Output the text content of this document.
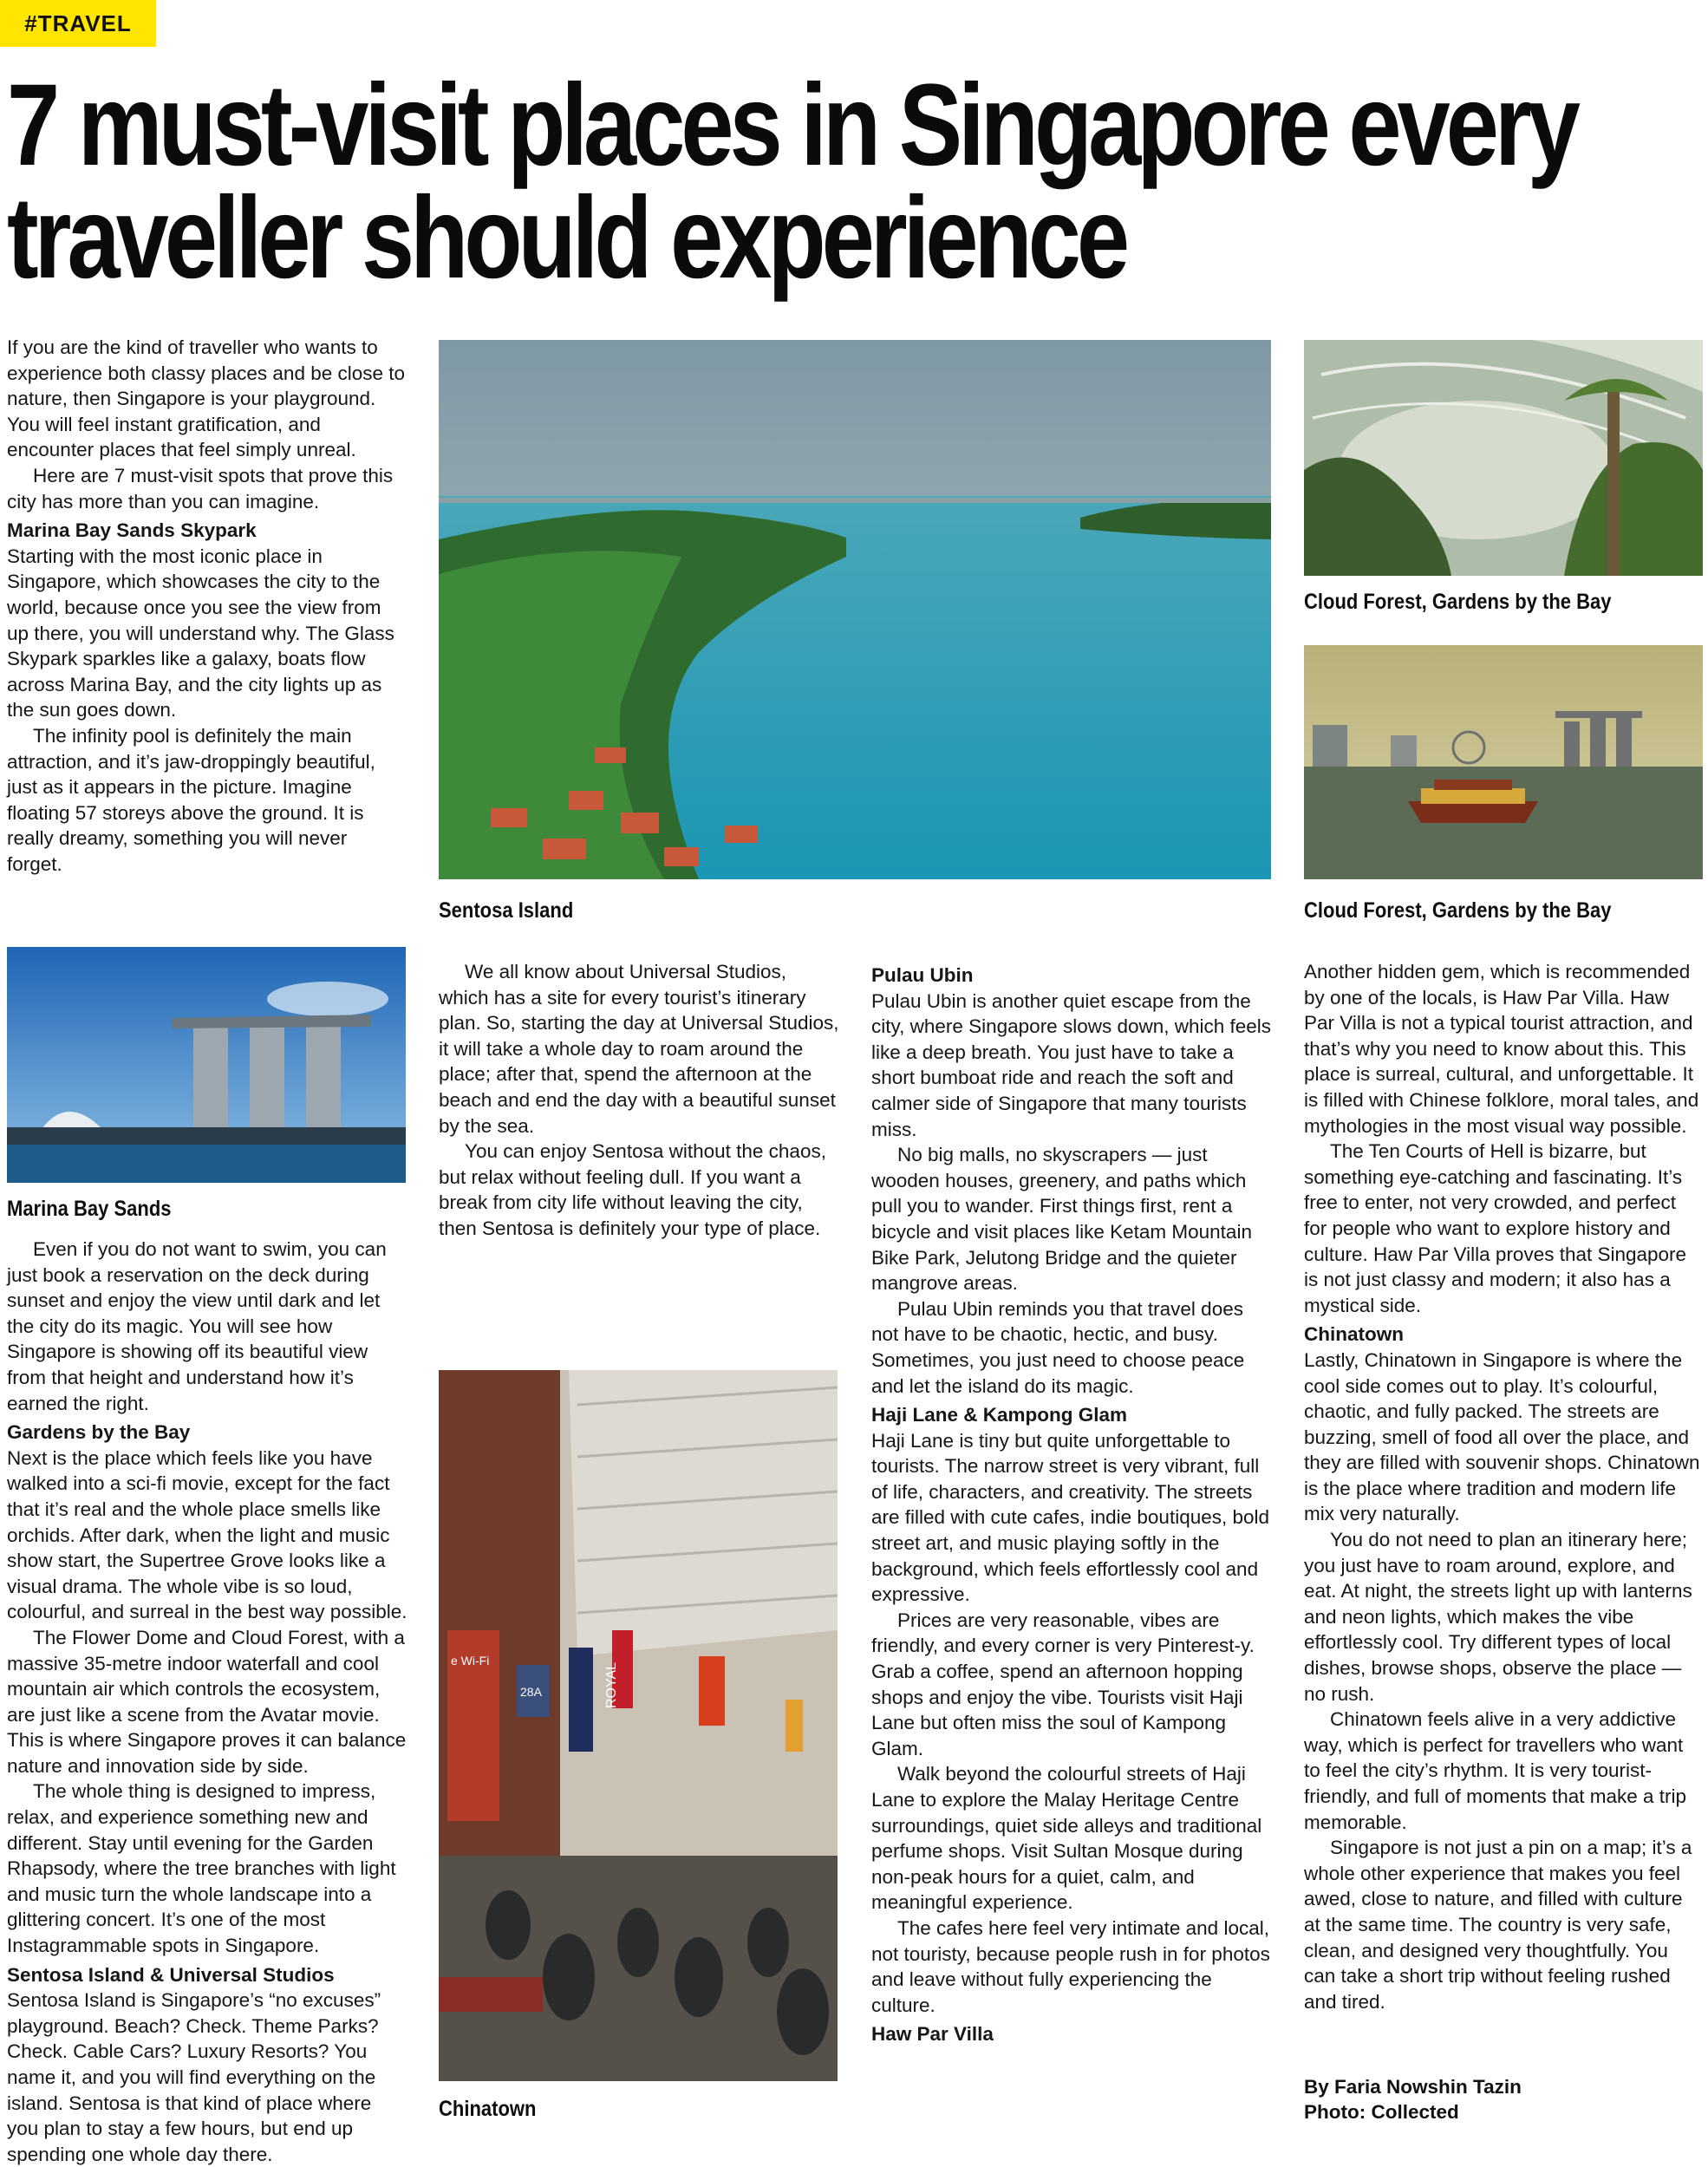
#TRAVEL
7 must-visit places in Singapore every
traveller should experience

If you are the kind of traveller who wants to experience both classy places and be close to nature, then Singapore is your playground. You will feel instant gratification, and encounter places that feel simply unreal.

Here are 7 must-visit spots that prove this city has more than you can imagine.

Marina Bay Sands Skypark

Starting with the most iconic place in Singapore, which showcases the city to the world, because once you see the view from up there, you will understand why. The Glass Skypark sparkles like a galaxy, boats flow across Marina Bay, and the city lights up as the sun goes down.

The infinity pool is definitely the main attraction, and it’s jaw-droppingly beautiful, just as it appears in the picture. Imagine floating 57 storeys above the ground. It is really dreamy, something you will never forget.

Sentosa Island
Cloud Forest, Gardens by the Bay
Cloud Forest, Gardens by the Bay
Marina Bay Sands

Even if you do not want to swim, you can just book a reservation on the deck during sunset and enjoy the view until dark and let the city do its magic. You will see how Singapore is showing off its beautiful view from that height and understand how it’s earned the right.

Gardens by the Bay

Next is the place which feels like you have walked into a sci-fi movie, except for the fact that it’s real and the whole place smells like orchids. After dark, when the light and music show start, the Supertree Grove looks like a visual drama. The whole vibe is so loud, colourful, and surreal in the best way possible.

The Flower Dome and Cloud Forest, with a massive 35-metre indoor waterfall and cool mountain air which controls the ecosystem, are just like a scene from the Avatar movie. This is where Singapore proves it can balance nature and innovation side by side.

The whole thing is designed to impress, relax, and experience something new and different. Stay until evening for the Garden Rhapsody, where the tree branches with light and music turn the whole landscape into a glittering concert. It’s one of the most Instagrammable spots in Singapore.

Sentosa Island & Universal Studios

Sentosa Island is Singapore’s “no excuses” playground. Beach? Check. Theme Parks? Check. Cable Cars? Luxury Resorts? You name it, and you will find everything on the island. Sentosa is that kind of place where you plan to stay a few hours, but end up spending one whole day there.

We all know about Universal Studios, which has a site for every tourist’s itinerary plan. So, starting the day at Universal Studios, it will take a whole day to roam around the place; after that, spend the afternoon at the beach and end the day with a beautiful sunset by the sea.

You can enjoy Sentosa without the chaos, but relax without feeling dull. If you want a break from city life without leaving the city, then Sentosa is definitely your type of place.

ROYAL
e Wi-Fi
28A
Chinatown
Pulau Ubin

Pulau Ubin is another quiet escape from the city, where Singapore slows down, which feels like a deep breath. You just have to take a short bumboat ride and reach the soft and calmer side of Singapore that many tourists miss.

No big malls, no skyscrapers — just wooden houses, greenery, and paths which pull you to wander. First things first, rent a bicycle and visit places like Ketam Mountain Bike Park, Jelutong Bridge and the quieter mangrove areas.

Pulau Ubin reminds you that travel does not have to be chaotic, hectic, and busy. Sometimes, you just need to choose peace and let the island do its magic.

Haji Lane & Kampong Glam

Haji Lane is tiny but quite unforgettable to tourists. The narrow street is very vibrant, full of life, characters, and creativity. The streets are filled with cute cafes, indie boutiques, bold street art, and music playing softly in the background, which feels effortlessly cool and expressive.

Prices are very reasonable, vibes are friendly, and every corner is very Pinterest-y. Grab a coffee, spend an afternoon hopping shops and enjoy the vibe. Tourists visit Haji Lane but often miss the soul of Kampong Glam.

Walk beyond the colourful streets of Haji Lane to explore the Malay Heritage Centre surroundings, quiet side alleys and traditional perfume shops. Visit Sultan Mosque during non-peak hours for a quiet, calm, and meaningful experience.

The cafes here feel very intimate and local, not touristy, because people rush in for photos and leave without fully experiencing the culture.

Haw Par Villa

Another hidden gem, which is recommended by one of the locals, is Haw Par Villa. Haw Par Villa is not a typical tourist attraction, and that’s why you need to know about this. This place is surreal, cultural, and unforgettable. It is filled with Chinese folklore, moral tales, and mythologies in the most visual way possible.

The Ten Courts of Hell is bizarre, but something eye-catching and fascinating. It’s free to enter, not very crowded, and perfect for people who want to explore history and culture. Haw Par Villa proves that Singapore is not just classy and modern; it also has a mystical side.

Chinatown

Lastly, Chinatown in Singapore is where the cool side comes out to play. It’s colourful, chaotic, and fully packed. The streets are buzzing, smell of food all over the place, and they are filled with souvenir shops. Chinatown is the place where tradition and modern life mix very naturally.

You do not need to plan an itinerary here; you just have to roam around, explore, and eat. At night, the streets light up with lanterns and neon lights, which makes the vibe effortlessly cool. Try different types of local dishes, browse shops, observe the place — no rush.

Chinatown feels alive in a very addictive way, which is perfect for travellers who want to feel the city’s rhythm. It is very tourist-friendly, and full of moments that make a trip memorable.

Singapore is not just a pin on a map; it’s a whole other experience that makes you feel awed, close to nature, and filled with culture at the same time. The country is very safe, clean, and designed very thoughtfully. You can take a short trip without feeling rushed and tired.

By Faria Nowshin Tazin
Photo: Collected
